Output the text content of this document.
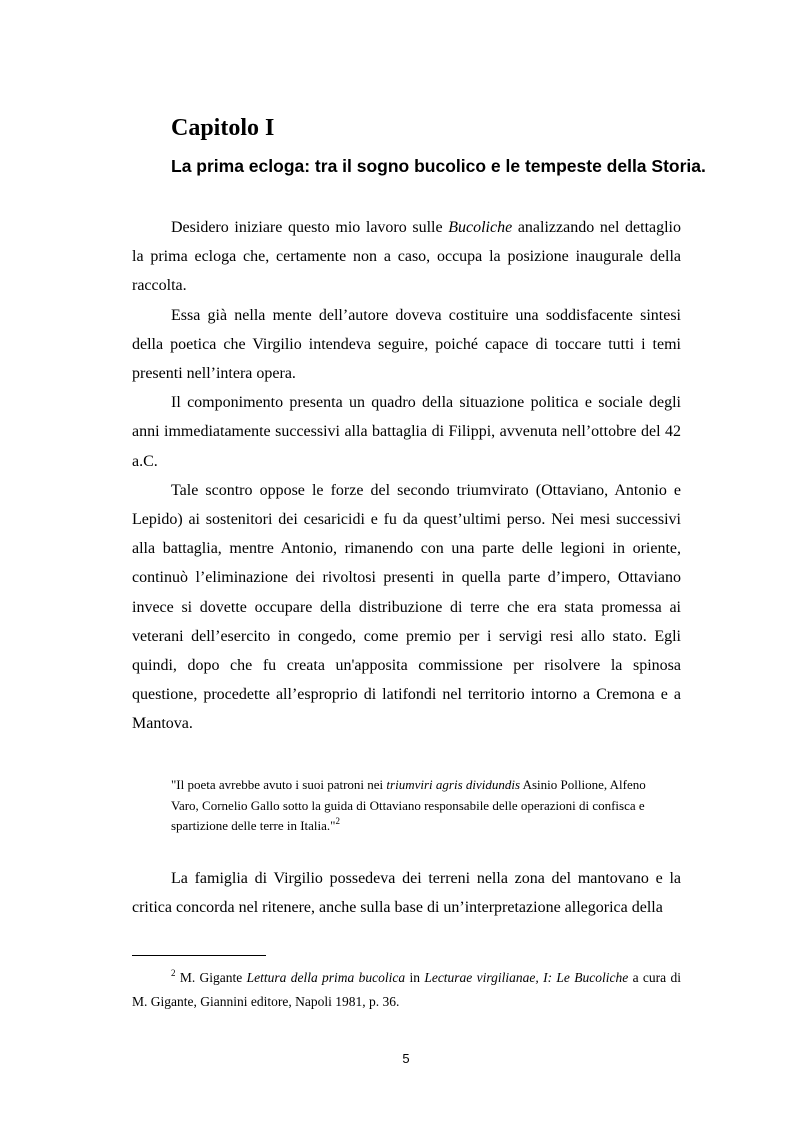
Capitolo I
La prima ecloga: tra il sogno bucolico e le tempeste della Storia.

Desidero iniziare questo mio lavoro sulle Bucoliche analizzando nel dettaglio la prima ecloga che, certamente non a caso, occupa la posizione inaugurale della raccolta.

Essa già nella mente dell’autore doveva costituire una soddisfacente sintesi della poetica che Virgilio intendeva seguire, poiché capace di toccare tutti i temi presenti nell’intera opera.

Il componimento presenta un quadro della situazione politica e sociale degli anni immediatamente successivi alla battaglia di Filippi, avvenuta nell’ottobre del 42 a.C.

Tale scontro oppose le forze del secondo triumvirato (Ottaviano, Antonio e Lepido) ai sostenitori dei cesaricidi e fu da quest’ultimi perso. Nei mesi successivi alla battaglia, mentre Antonio, rimanendo con una parte delle legioni in oriente, continuò l’eliminazione dei rivoltosi presenti in quella parte d’impero, Ottaviano invece si dovette occupare della distribuzione di terre che era stata promessa ai veterani dell’esercito in congedo, come premio per i servigi resi allo stato. Egli quindi, dopo che fu creata un'apposita commissione per risolvere la spinosa questione, procedette all’esproprio di latifondi nel territorio intorno a Cremona e a Mantova.

"Il poeta avrebbe avuto i suoi patroni nei triumviri agris dividundis Asinio Pollione, Alfeno Varo, Cornelio Gallo sotto la guida di Ottaviano responsabile delle operazioni di confisca e spartizione delle terre in Italia."$^2$

La famiglia di Virgilio possedeva dei terreni nella zona del mantovano e la critica concorda nel ritenere, anche sulla base di un’interpretazione allegorica della

$^2$ M. Gigante Lettura della prima bucolica in Lecturae virgilianae, I: Le Bucoliche a cura di M. Gigante, Giannini editore, Napoli 1981, p. 36.

5
